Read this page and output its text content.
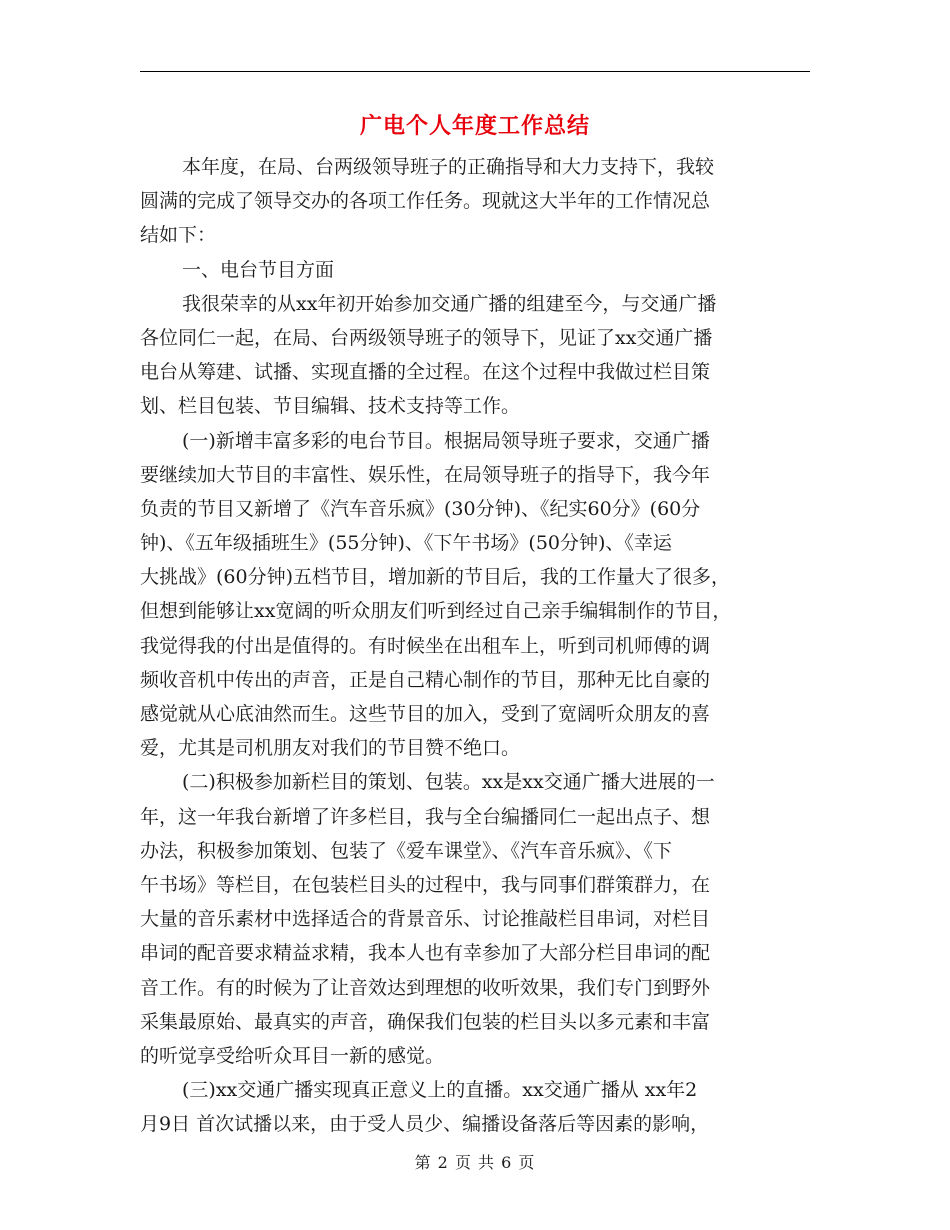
广电个人年度工作总结
本年度，在局、台两级领导班子的正确指导和大力支持下，我较
圆满的完成了领导交办的各项工作任务。现就这大半年的工作情况总
结如下：
一、电台节目方面
我很荣幸的从xx年初开始参加交通广播的组建至今，与交通广播
各位同仁一起，在局、台两级领导班子的领导下，见证了xx交通广播
电台从筹建、试播、实现直播的全过程。在这个过程中我做过栏目策
划、栏目包装、节目编辑、技术支持等工作。
(一)新增丰富多彩的电台节目。根据局领导班子要求，交通广播
要继续加大节目的丰富性、娱乐性，在局领导班子的指导下，我今年
负责的节目又新增了《汽车音乐疯》(30分钟)、《纪实60分》(60分
钟)、《五年级插班生》(55分钟)、《下午书场》(50分钟)、《幸运
大挑战》(60分钟)五档节目，增加新的节目后，我的工作量大了很多，
但想到能够让xx宽阔的听众朋友们听到经过自己亲手编辑制作的节目，
我觉得我的付出是值得的。有时候坐在出租车上，听到司机师傅的调
频收音机中传出的声音，正是自己精心制作的节目，那种无比自豪的
感觉就从心底油然而生。这些节目的加入，受到了宽阔听众朋友的喜
爱，尤其是司机朋友对我们的节目赞不绝口。
(二)积极参加新栏目的策划、包装。xx是xx交通广播大进展的一
年，这一年我台新增了许多栏目，我与全台编播同仁一起出点子、想
办法，积极参加策划、包装了《爱车课堂》、《汽车音乐疯》、《下
午书场》等栏目，在包装栏目头的过程中，我与同事们群策群力，在
大量的音乐素材中选择适合的背景音乐、讨论推敲栏目串词，对栏目
串词的配音要求精益求精，我本人也有幸参加了大部分栏目串词的配
音工作。有的时候为了让音效达到理想的收听效果，我们专门到野外
采集最原始、最真实的声音，确保我们包装的栏目头以多元素和丰富
的听觉享受给听众耳目一新的感觉。
(三)xx交通广播实现真正意义上的直播。xx交通广播从 xx年2
月9日 首次试播以来，由于受人员少、编播设备落后等因素的影响，
第 2 页 共 6 页
